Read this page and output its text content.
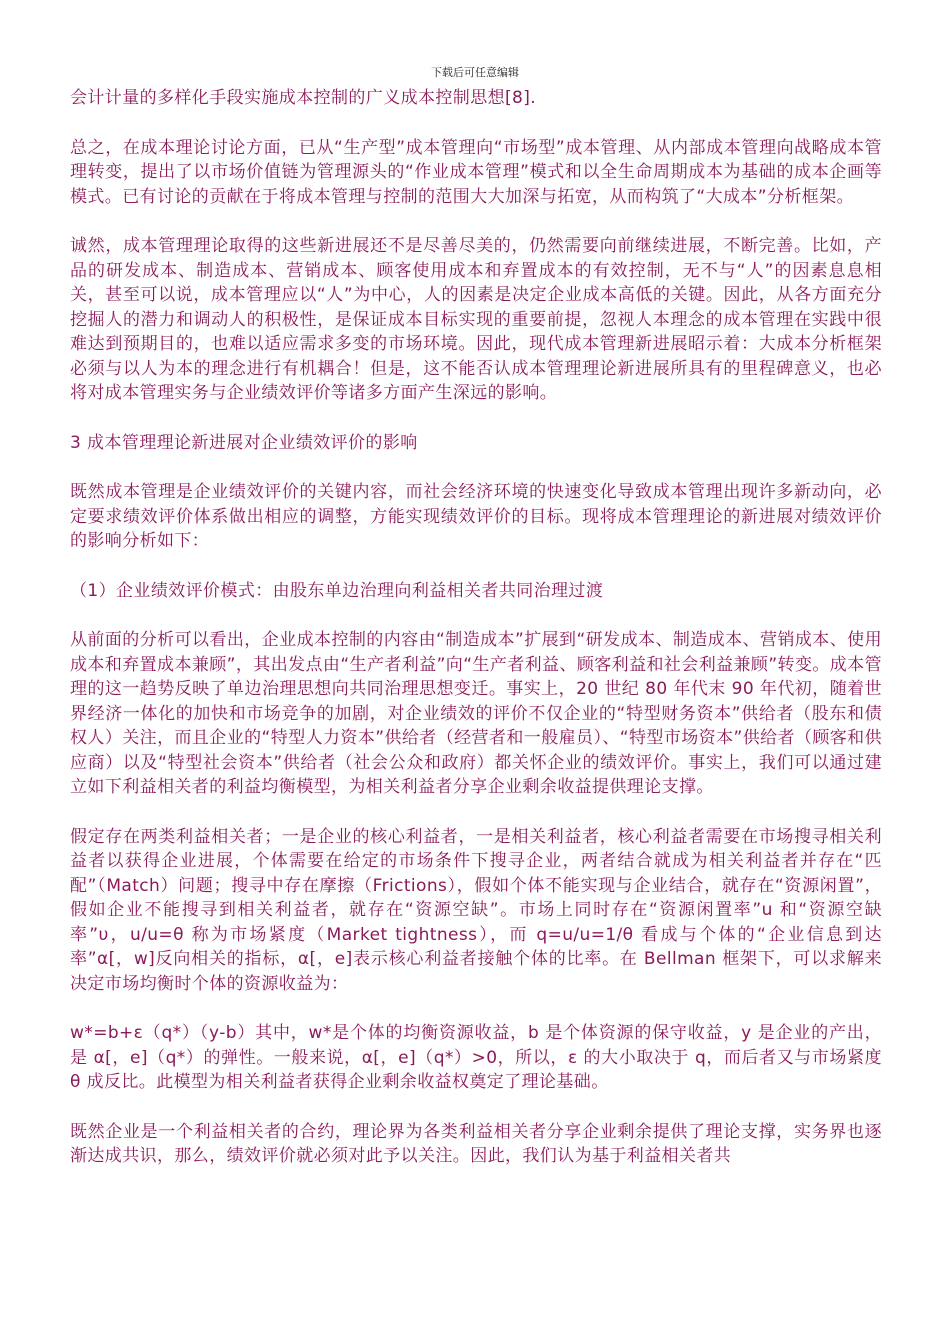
下载后可任意编辑

会计计量的多样化手段实施成本控制的广义成本控制思想[8].

总之，在成本理论讨论方面，已从“生产型”成本管理向“市场型”成本管理、从内部成本管理向战略成本管理转变，提出了以市场价值链为管理源头的“作业成本管理”模式和以全生命周期成本为基础的成本企画等模式。已有讨论的贡献在于将成本管理与控制的范围大大加深与拓宽，从而构筑了“大成本”分析框架。

诚然，成本管理理论取得的这些新进展还不是尽善尽美的，仍然需要向前继续进展，不断完善。比如，产品的研发成本、制造成本、营销成本、顾客使用成本和弃置成本的有效控制，无不与“人”的因素息息相关，甚至可以说，成本管理应以“人”为中心，人的因素是决定企业成本高低的关键。因此，从各方面充分挖掘人的潜力和调动人的积极性，是保证成本目标实现的重要前提，忽视人本理念的成本管理在实践中很难达到预期目的，也难以适应需求多变的市场环境。因此，现代成本管理新进展昭示着：大成本分析框架必须与以人为本的理念进行有机耦合！但是，这不能否认成本管理理论新进展所具有的里程碑意义，也必将对成本管理实务与企业绩效评价等诸多方面产生深远的影响。

3 成本管理理论新进展对企业绩效评价的影响

既然成本管理是企业绩效评价的关键内容，而社会经济环境的快速变化导致成本管理出现许多新动向，必定要求绩效评价体系做出相应的调整，方能实现绩效评价的目标。现将成本管理理论的新进展对绩效评价的影响分析如下：

（1）企业绩效评价模式：由股东单边治理向利益相关者共同治理过渡

从前面的分析可以看出，企业成本控制的内容由“制造成本”扩展到“研发成本、制造成本、营销成本、使用成本和弃置成本兼顾”，其出发点由“生产者利益”向“生产者利益、顾客利益和社会利益兼顾”转变。成本管理的这一趋势反映了单边治理思想向共同治理思想变迁。事实上，20 世纪 80 年代末 90 年代初，随着世界经济一体化的加快和市场竞争的加剧，对企业绩效的评价不仅企业的“特型财务资本”供给者（股东和债权人）关注，而且企业的“特型人力资本”供给者（经营者和一般雇员）、“特型市场资本”供给者（顾客和供应商）以及“特型社会资本”供给者（社会公众和政府）都关怀企业的绩效评价。事实上，我们可以通过建立如下利益相关者的利益均衡模型，为相关利益者分享企业剩余收益提供理论支撑。

假定存在两类利益相关者；一是企业的核心利益者，一是相关利益者，核心利益者需要在市场搜寻相关利益者以获得企业进展，个体需要在给定的市场条件下搜寻企业，两者结合就成为相关利益者并存在“匹配”（Match）问题；搜寻中存在摩擦（Frictions），假如个体不能实现与企业结合，就存在“资源闲置”，假如企业不能搜寻到相关利益者，就存在“资源空缺”。市场上同时存在“资源闲置率”u 和“资源空缺率”υ，u/u=θ 称为市场紧度（Market tightness），而 q=u/u=1/θ 看成与个体的“企业信息到达率”α[，w]反向相关的指标，α[，e]表示核心利益者接触个体的比率。在 Bellman 框架下，可以求解来决定市场均衡时个体的资源收益为：

w*=b+ε（q*）（y-b）其中，w*是个体的均衡资源收益，b 是个体资源的保守收益，y 是企业的产出， 是 α[，e]（q*）的弹性。一般来说，α[，e]（q*）>0，所以，ε 的大小取决于 q，而后者又与市场紧度 θ 成反比。此模型为相关利益者获得企业剩余收益权奠定了理论基础。

既然企业是一个利益相关者的合约，理论界为各类利益相关者分享企业剩余提供了理论支撑，实务界也逐渐达成共识，那么，绩效评价就必须对此予以关注。因此，我们认为基于利益相关者共
